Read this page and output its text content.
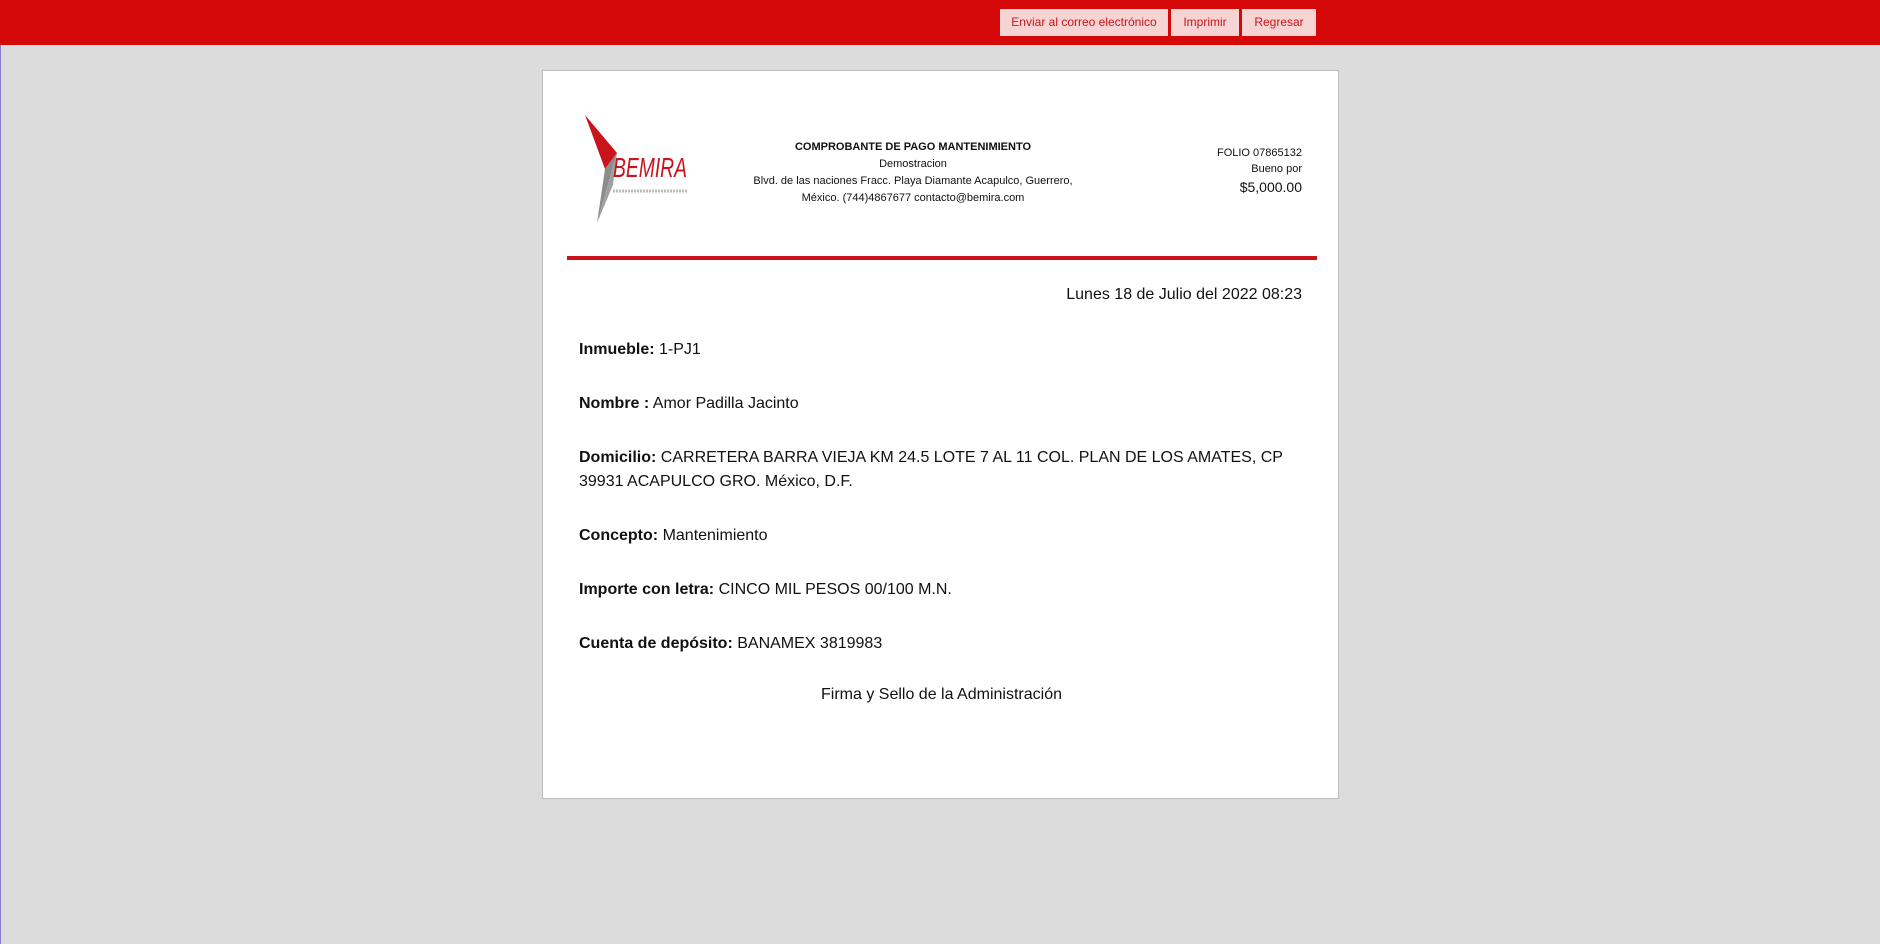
Enviar al correo electrónico	Imprimir	Regresar
BEMIRA
COMPROBANTE DE PAGO MANTENIMIENTO
Demostracion
Blvd. de las naciones Fracc. Playa Diamante Acapulco, Guerrero,
México. (744)4867677 contacto@bemira.com
FOLIO 07865132
Bueno por
$5,000.00
Lunes 18 de Julio del 2022 08:23
Inmueble: 1-PJ1
Nombre : Amor Padilla Jacinto
Domicilio: CARRETERA BARRA VIEJA KM 24.5 LOTE 7 AL 11 COL. PLAN DE LOS AMATES, CP 39931 ACAPULCO GRO. México, D.F.
Concepto: Mantenimiento
Importe con letra: CINCO MIL PESOS 00/100 M.N.
Cuenta de depósito: BANAMEX 3819983
Firma y Sello de la Administración
